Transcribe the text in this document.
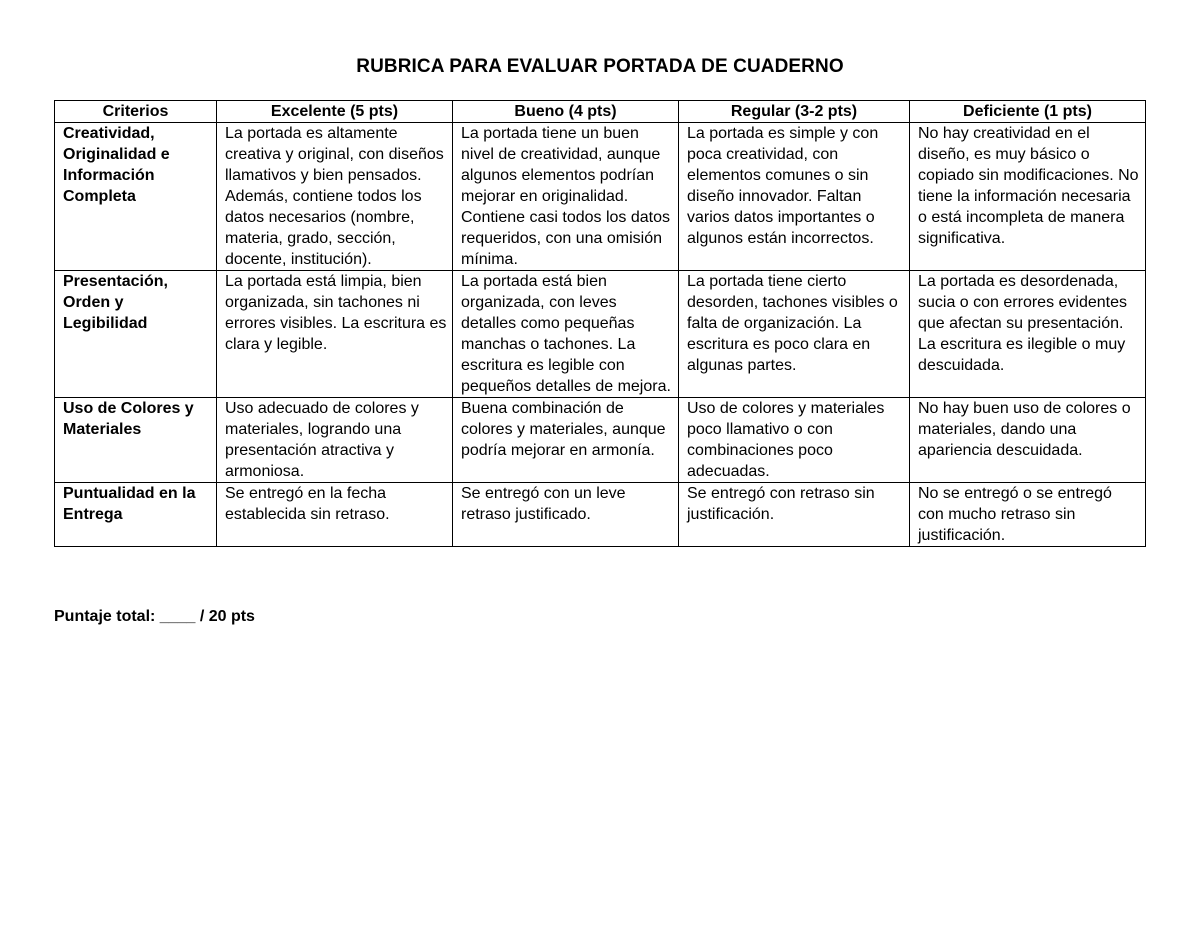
RUBRICA PARA EVALUAR PORTADA DE CUADERNO
Criterios	Excelente (5 pts)	Bueno (4 pts)	Regular (3-2 pts)	Deficiente (1 pts)
Creatividad, Originalidad e Información Completa	La portada es altamente creativa y original, con diseños llamativos y bien pensados. Además, contiene todos los datos necesarios (nombre, materia, grado, sección, docente, institución).	La portada tiene un buen nivel de creatividad, aunque algunos elementos podrían mejorar en originalidad. Contiene casi todos los datos requeridos, con una omisión mínima.	La portada es simple y con poca creatividad, con elementos comunes o sin diseño innovador. Faltan varios datos importantes o algunos están incorrectos.	No hay creatividad en el diseño, es muy básico o copiado sin modificaciones. No tiene la información necesaria o está incompleta de manera significativa.
Presentación, Orden y Legibilidad	La portada está limpia, bien organizada, sin tachones ni errores visibles. La escritura es clara y legible.	La portada está bien organizada, con leves detalles como pequeñas manchas o tachones. La escritura es legible con pequeños detalles de mejora.	La portada tiene cierto desorden, tachones visibles o falta de organización. La escritura es poco clara en algunas partes.	La portada es desordenada, sucia o con errores evidentes que afectan su presentación. La escritura es ilegible o muy descuidada.
Uso de Colores y Materiales	Uso adecuado de colores y materiales, logrando una presentación atractiva y armoniosa.	Buena combinación de colores y materiales, aunque podría mejorar en armonía.	Uso de colores y materiales poco llamativo o con combinaciones poco adecuadas.	No hay buen uso de colores o materiales, dando una apariencia descuidada.
Puntualidad en la Entrega	Se entregó en la fecha establecida sin retraso.	Se entregó con un leve retraso justificado.	Se entregó con retraso sin justificación.	No se entregó o se entregó con mucho retraso sin justificación.
Puntaje total: ____ / 20 pts
